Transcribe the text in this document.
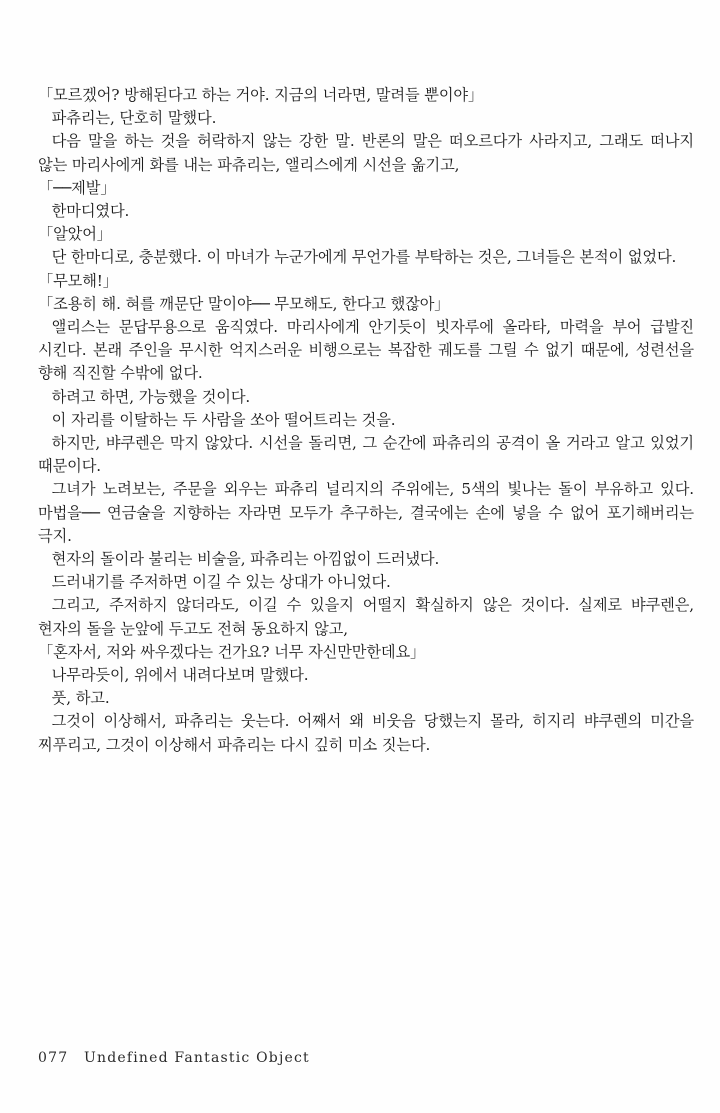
「모르겠어? 방해된다고 하는 거야. 지금의 너라면, 말려들 뿐이야」

파츄리는, 단호히 말했다.

다음 말을 하는 것을 허락하지 않는 강한 말. 반론의 말은 떠오르다가 사라지고, 그래도 떠나지 않는 마리사에게 화를 내는 파츄리는, 앨리스에게 시선을 옮기고,

「──제발」

한마디였다.

「알았어」

단 한마디로, 충분했다. 이 마녀가 누군가에게 무언가를 부탁하는 것은, 그녀들은 본적이 없었다.

「무모해!」

「조용히 해. 혀를 깨문단 말이야── 무모해도, 한다고 했잖아」

앨리스는 문답무용으로 움직였다. 마리사에게 안기듯이 빗자루에 올라타, 마력을 부어 급발진 시킨다. 본래 주인을 무시한 억지스러운 비행으로는 복잡한 궤도를 그릴 수 없기 때문에, 성련선을 향해 직진할 수밖에 없다.

하려고 하면, 가능했을 것이다.

이 자리를 이탈하는 두 사람을 쏘아 떨어트리는 것을.

하지만, 뱌쿠렌은 막지 않았다. 시선을 돌리면, 그 순간에 파츄리의 공격이 올 거라고 알고 있었기 때문이다.

그녀가 노려보는, 주문을 외우는 파츄리 널리지의 주위에는, 5색의 빛나는 돌이 부유하고 있다. 마법을── 연금술을 지향하는 자라면 모두가 추구하는, 결국에는 손에 넣을 수 없어 포기해버리는 극지.

현자의 돌이라 불리는 비술을, 파츄리는 아낌없이 드러냈다.

드러내기를 주저하면 이길 수 있는 상대가 아니었다.

그리고, 주저하지 않더라도, 이길 수 있을지 어떨지 확실하지 않은 것이다. 실제로 뱌쿠렌은, 현자의 돌을 눈앞에 두고도 전혀 동요하지 않고,

「혼자서, 저와 싸우겠다는 건가요? 너무 자신만만한데요」

나무라듯이, 위에서 내려다보며 말했다.

풋, 하고.

그것이 이상해서, 파츄리는 웃는다. 어째서 왜 비웃음 당했는지 몰라, 히지리 뱌쿠렌의 미간을 찌푸리고, 그것이 이상해서 파츄리는 다시 깊히 미소 짓는다.

077 Undefined Fantastic Object
